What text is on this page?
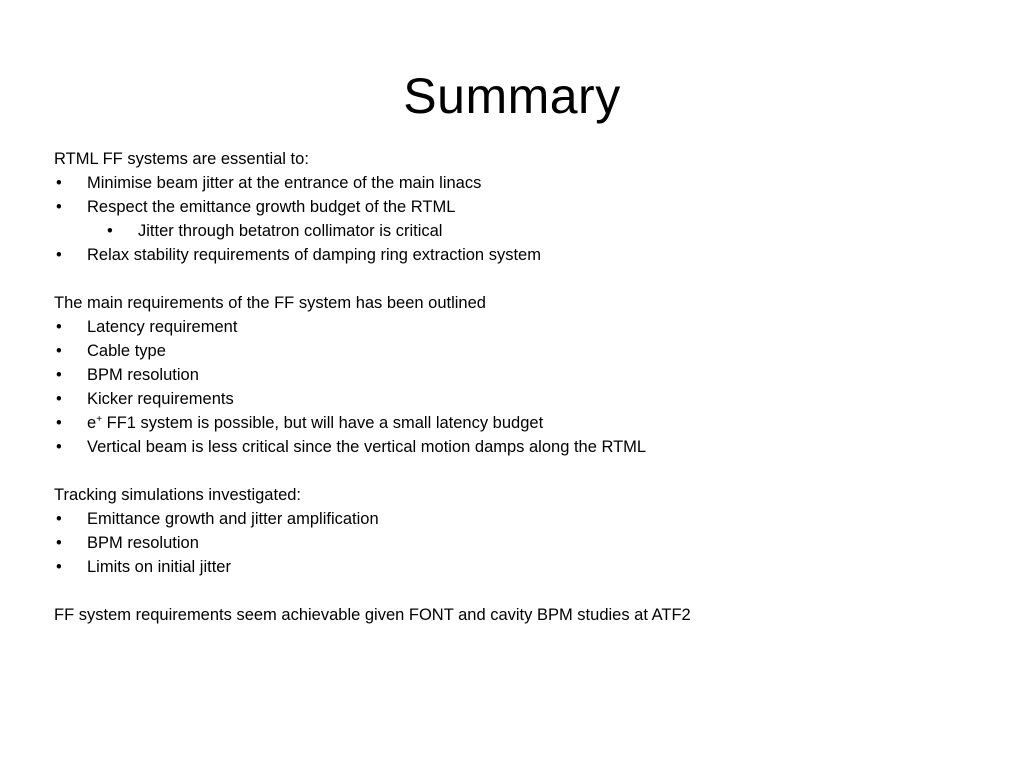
Summary
RTML FF systems are essential to:
• Minimise beam jitter at the entrance of the main linacs
• Respect the emittance growth budget of the RTML
• Jitter through betatron collimator is critical
• Relax stability requirements of damping ring extraction system
The main requirements of the FF system has been outlined
• Latency requirement
• Cable type
• BPM resolution
• Kicker requirements
• e+ FF1 system is possible, but will have a small latency budget
• Vertical beam is less critical since the vertical motion damps along the RTML
Tracking simulations investigated:
• Emittance growth and jitter amplification
• BPM resolution
• Limits on initial jitter
FF system requirements seem achievable given FONT and cavity BPM studies at ATF2
